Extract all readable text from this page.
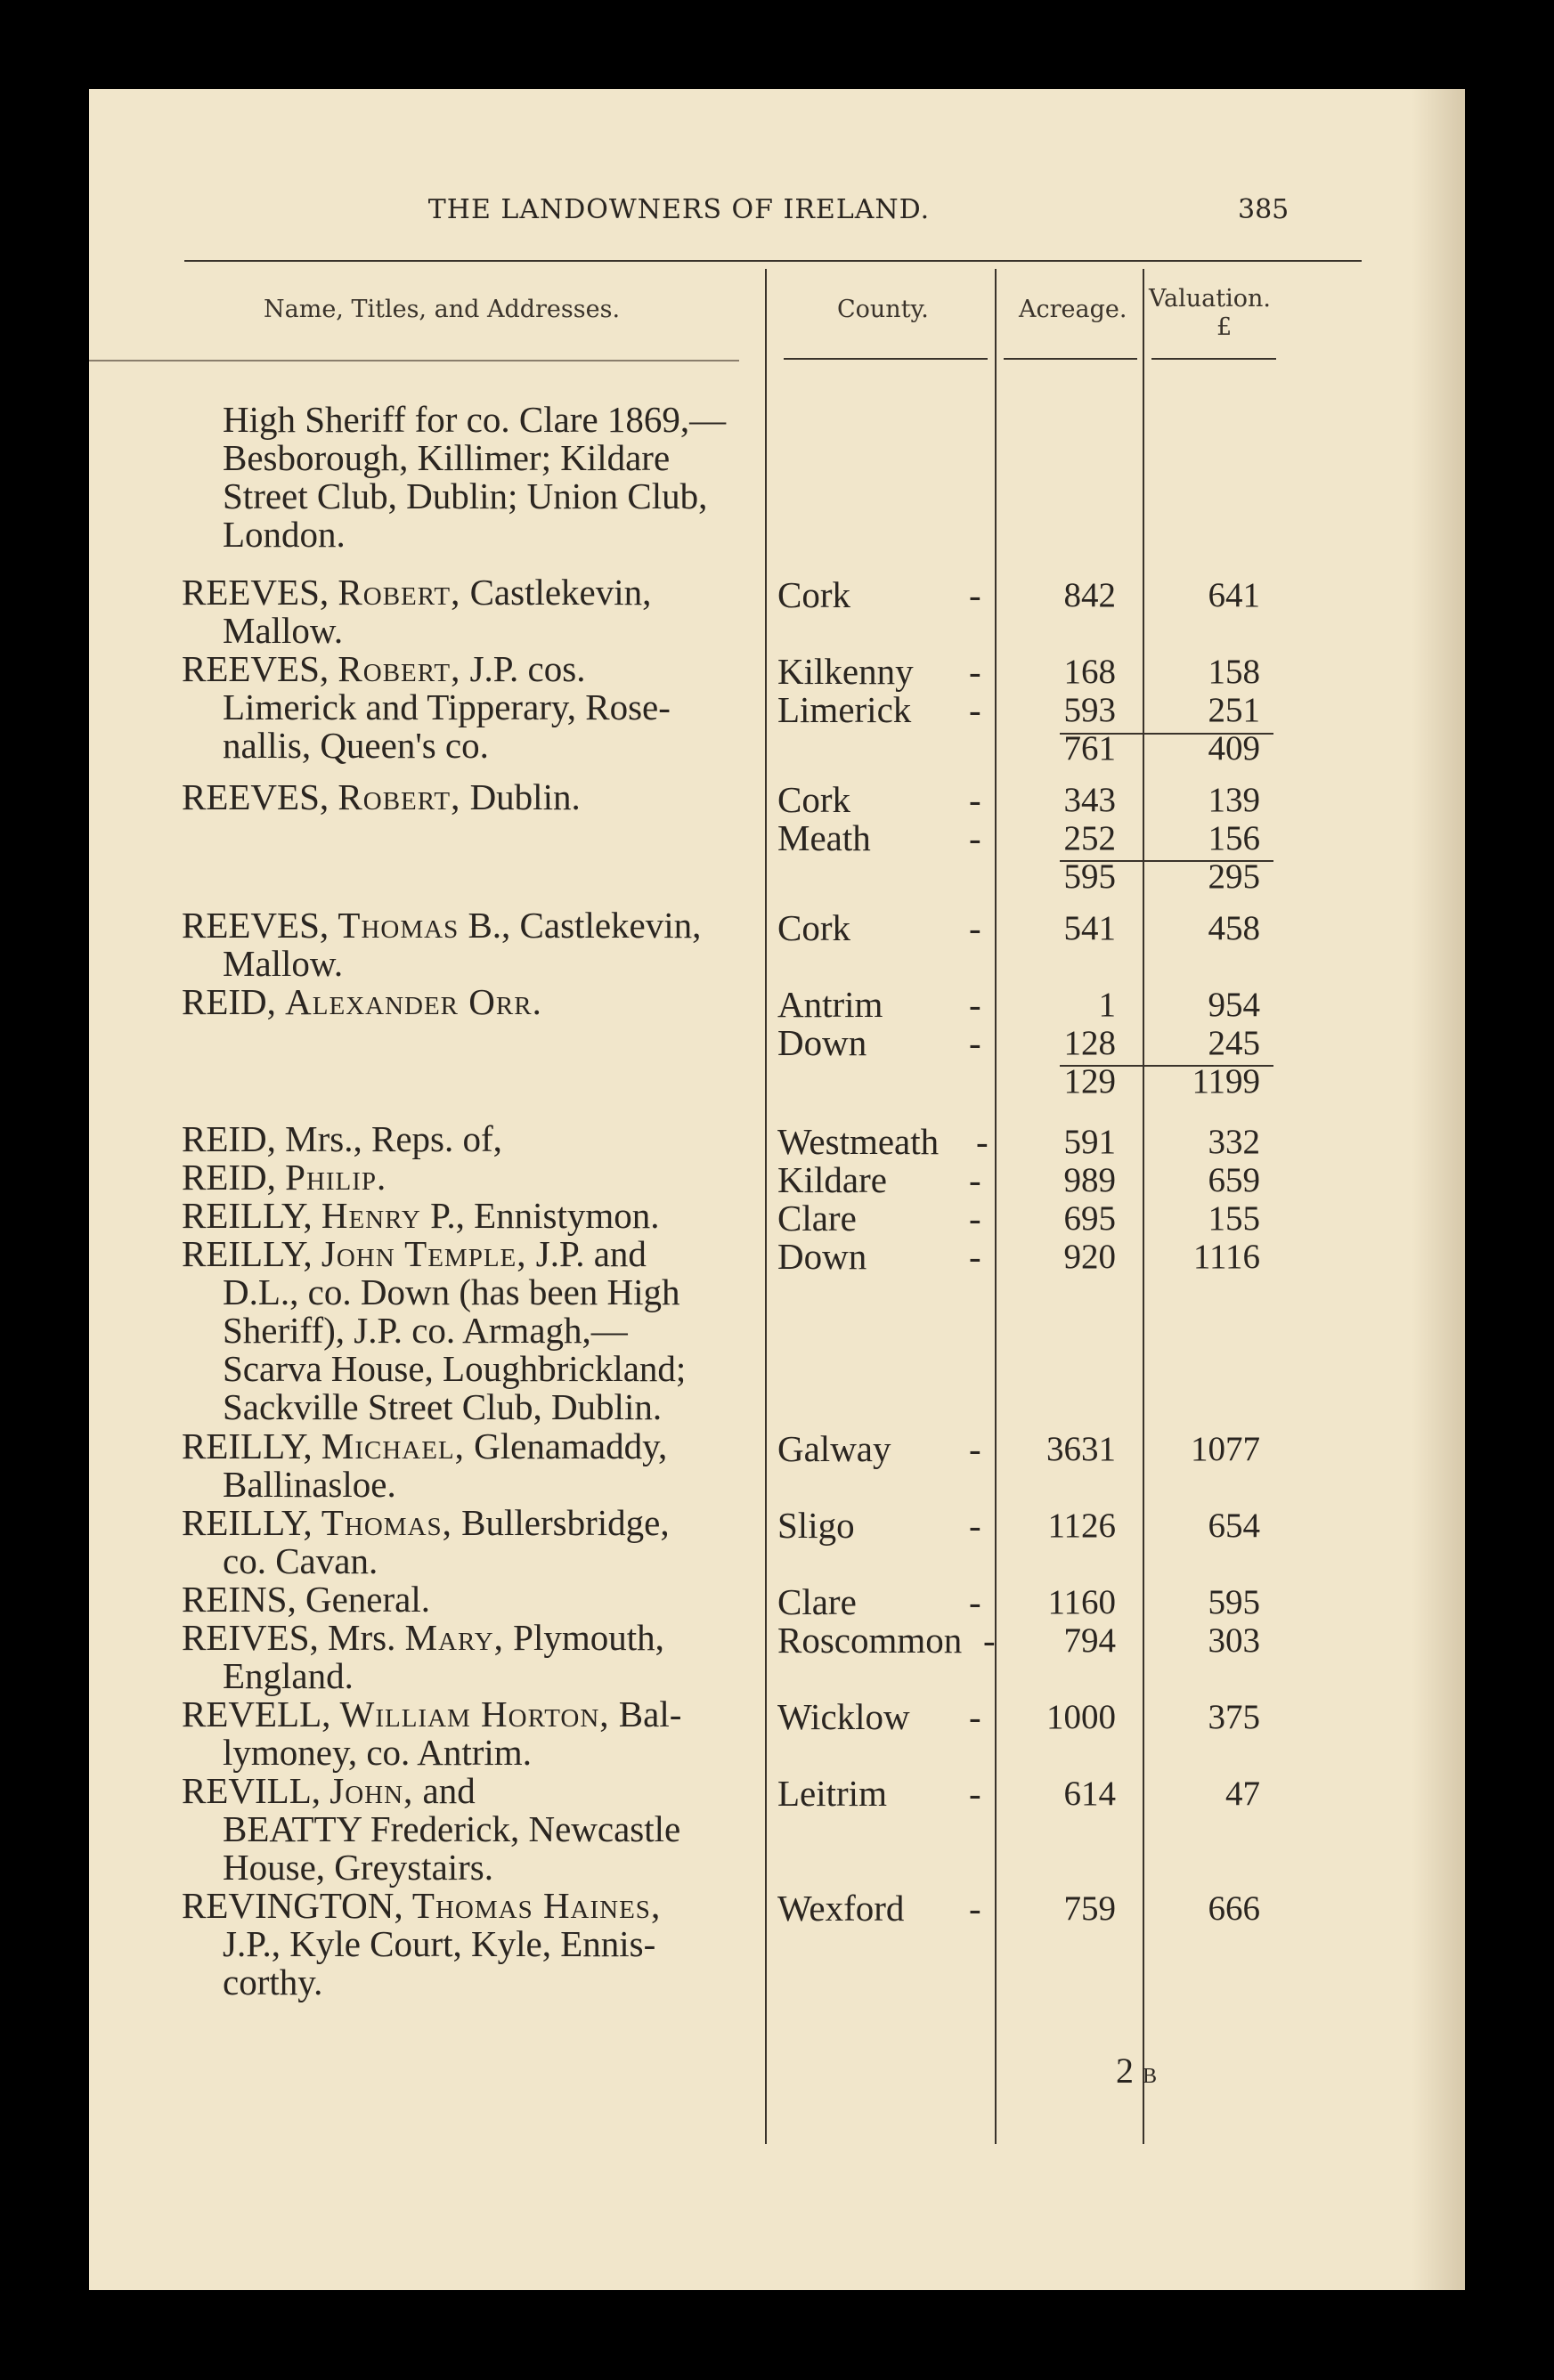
THE LANDOWNERS OF IRELAND.	385
Name, Titles, and Addresses.	County.	Acreage. Valuation.
£
High Sheriff for co. Clare 1869,—
Besborough, Killimer; Kildare
Street Club, Dublin; Union Club,
London.
REEVES, Robert, Castlekevin,
Mallow.
Cork	- 842	641
REEVES, Robert, J.P. cos.
Limerick and Tipperary, Rose-
nallis, Queen's co.
Kilkenny - 168	158
Limerick - 593	251
761	409
REEVES, Robert, Dublin.	Cork	- 343	139
Meath	- 252	156
595	295
REEVES, Thomas B., Castlekevin,
Mallow.
Cork	- 541	458
REID, Alexander Orr.	Antrim -	1	954
Down	- 128	245
129 1199
REID, Mrs., Reps. of,	Westmeath - 591	332
REID, Philip.	Kildare - 989	659
REILLY, Henry P., Ennistymon.	Clare	- 695	155
REILLY, John Temple, J.P. and
D.L., co. Down (has been High
Sheriff), J.P. co. Armagh,—
Scarva House, Loughbrickland;
Sackville Street Club, Dublin.
Down	- 920 1116
REILLY, Michael, Glenamaddy,
Ballinasloe.
Galway - 3631 1077
REILLY, Thomas, Bullersbridge,
co. Cavan.
Sligo	- 1126	654
REINS, General.	Clare	- 1160	595
REIVES, Mrs. Mary, Plymouth,
England.
Roscommon - 794	303
REVELL, William Horton, Bal-
lymoney, co. Antrim.
Wicklow - 1000	375
REVILL, John, and
BEATTY Frederick, Newcastle
House, Greystairs.
Leitrim - 614	47
REVINGTON, Thomas Haines,
J.P., Kyle Court, Kyle, Ennis-
corthy.
Wexford - 759	666
2 B
